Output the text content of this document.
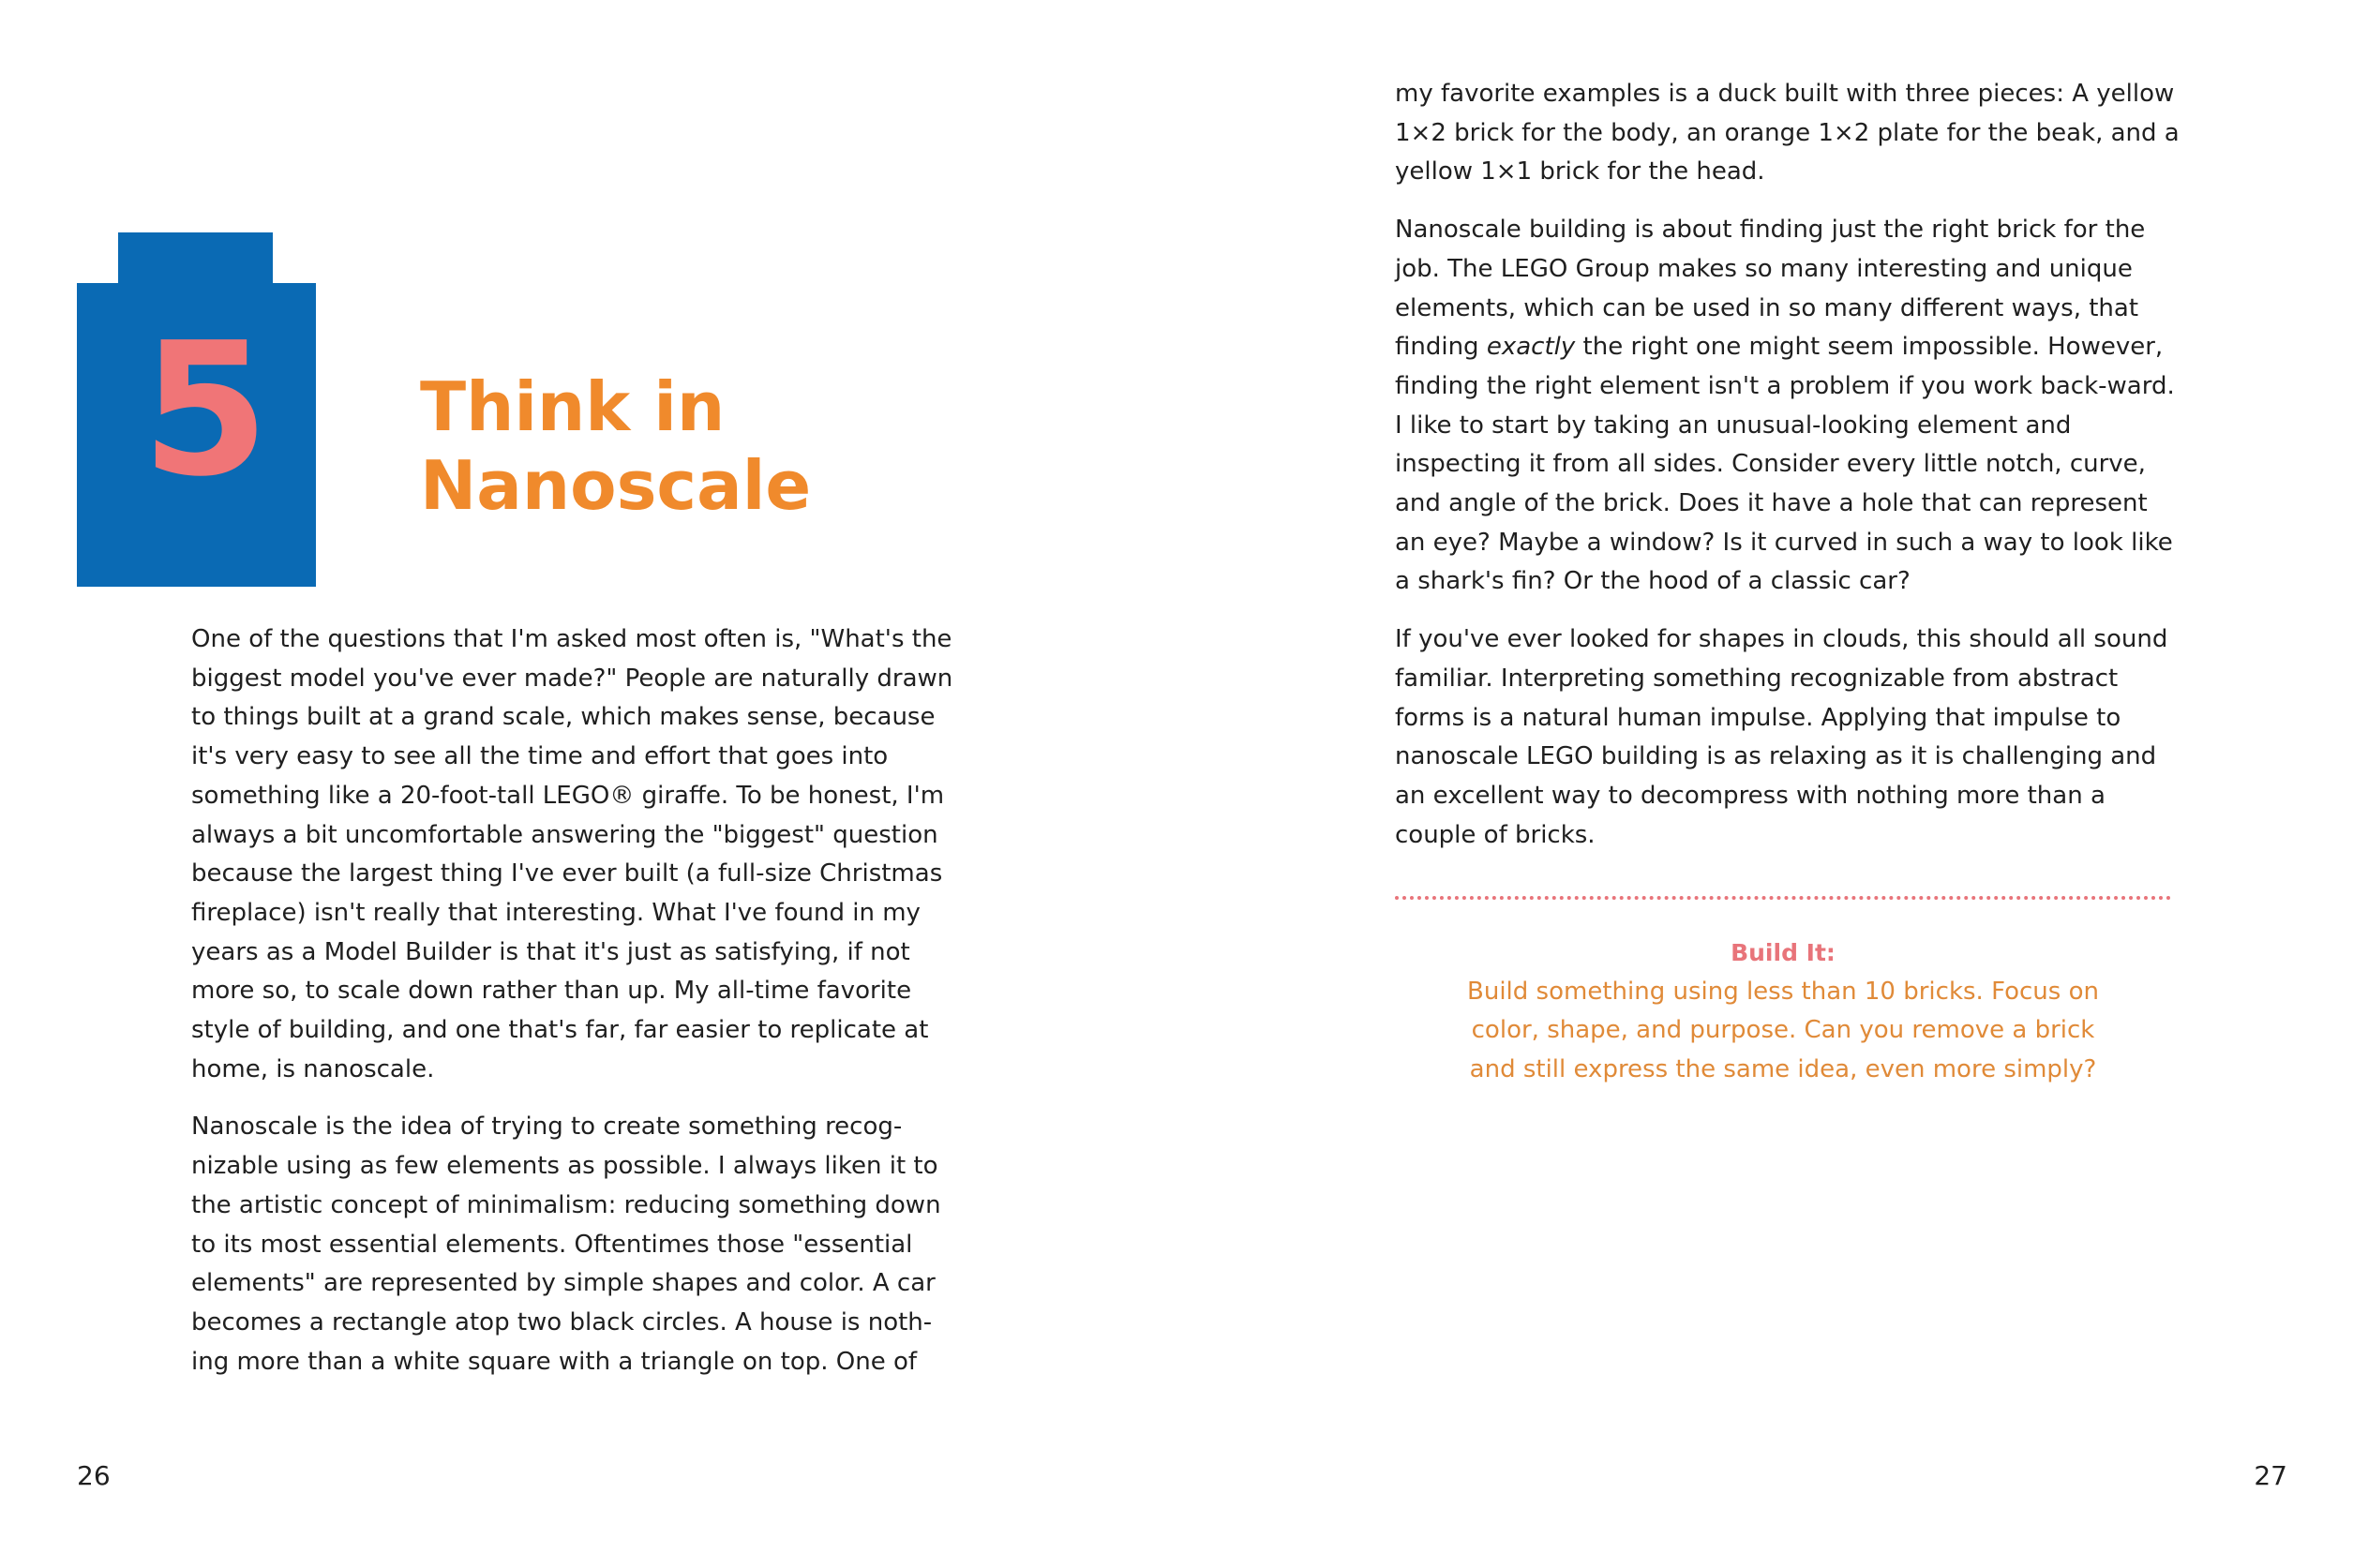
5 Think in
Nanoscale

One of the questions that I'm asked most often is, "What's the biggest model you've ever made?" People are naturally drawn to things built at a grand scale, which makes sense, because it's very easy to see all the time and effort that goes into something like a 20-foot-tall LEGO® giraffe. To be honest, I'm always a bit uncomfortable answering the "biggest" question because the largest thing I've ever built (a full-size Christmas fireplace) isn't really that interesting. What I've found in my years as a Model Builder is that it's just as satisfying, if not more so, to scale down rather than up. My all-time favorite style of building, and one that's far, far easier to replicate at home, is nanoscale.

Nanoscale is the idea of trying to create something recog-nizable using as few elements as possible. I always liken it to the artistic concept of minimalism: reducing something down to its most essential elements. Oftentimes those "essential elements" are represented by simple shapes and color. A car becomes a rectangle atop two black circles. A house is noth-ing more than a white square with a triangle on top. One of

26

my favorite examples is a duck built with three pieces: A yellow 1×2 brick for the body, an orange 1×2 plate for the beak, and a yellow 1×1 brick for the head.

Nanoscale building is about finding just the right brick for the job. The LEGO Group makes so many interesting and unique elements, which can be used in so many different ways, that finding exactly the right one might seem impossible. However, finding the right element isn't a problem if you work back-ward. I like to start by taking an unusual-looking element and inspecting it from all sides. Consider every little notch, curve, and angle of the brick. Does it have a hole that can represent an eye? Maybe a window? Is it curved in such a way to look like a shark's fin? Or the hood of a classic car?

If you've ever looked for shapes in clouds, this should all sound familiar. Interpreting something recognizable from abstract forms is a natural human impulse. Applying that impulse to nanoscale LEGO building is as relaxing as it is challenging and an excellent way to decompress with nothing more than a couple of bricks.

Build It:
Build something using less than 10 bricks. Focus on color, shape, and purpose. Can you remove a brick and still express the same idea, even more simply?
27
